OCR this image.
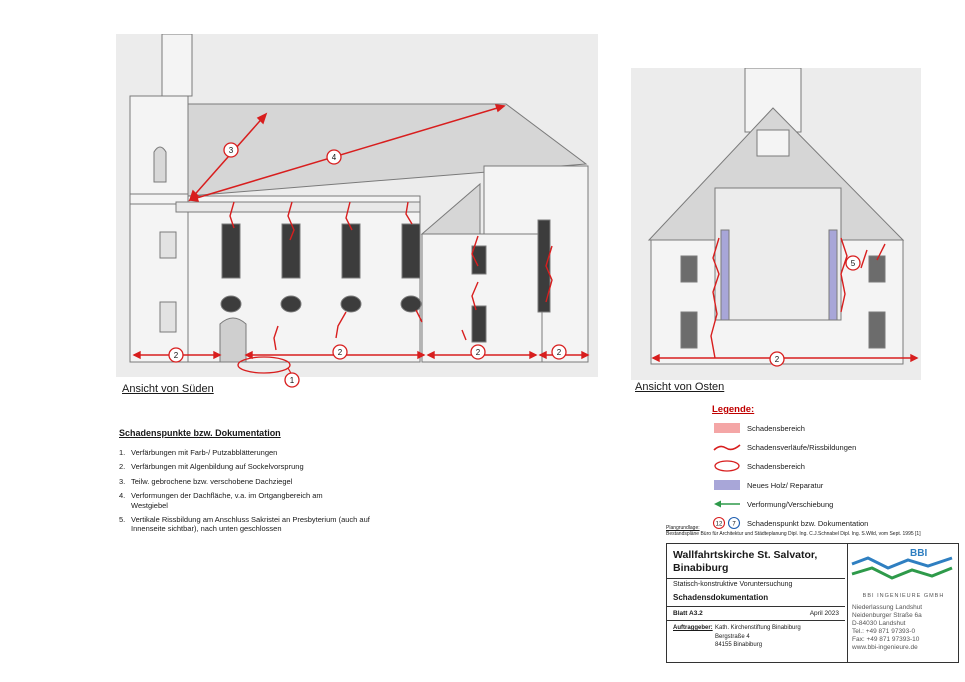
1
2	2	2	2
3
4
Ansicht von Süden
2
5
Ansicht von Osten
Schadenspunkte bzw. Dokumentation
1. Verfärbungen mit Farb-/ Putzabblätterungen
2. Verfärbungen mit Algenbildung auf Sockelvorsprung
3. Teilw. gebrochene bzw. verschobene Dachziegel
4. Verformungen der Dachfläche, v.a. im Ortgangbereich am Westgiebel
5. Vertikale Rissbildung am Anschluss Sakristei an Presbyterium (auch auf Innenseite sichtbar), nach unten geschlossen
Legende:
Schadensbereich
Schadensverläufe/Rissbildungen
Schadensbereich
Neues Holz/ Reparatur
Verformung/Verschiebung
12 7 Schadenspunkt bzw. Dokumentation
Plangrundlage:
Bestandspläne Büro für Architektur und Städteplanung Dipl. Ing. C.J.Schnabel Dipl. Ing. S.Wild, vom Sept. 1995 [1]
Wallfahrtskirche St. Salvator, Binabiburg
Statisch-konstruktive Voruntersuchung
Schadensdokumentation
Blatt A3.2	April 2023
Auftraggeber: Kath. Kirchenstiftung Binabiburg
Bergstraße 4
84155 Binabiburg
BBI
BBI INGENIEURE GMBH
Niederlassung Landshut
Neidenburger Straße 6a
D-84030 Landshut
Tel.: +49 871 97393-0
Fax: +49 871 97393-10
www.bbi-ingenieure.de
